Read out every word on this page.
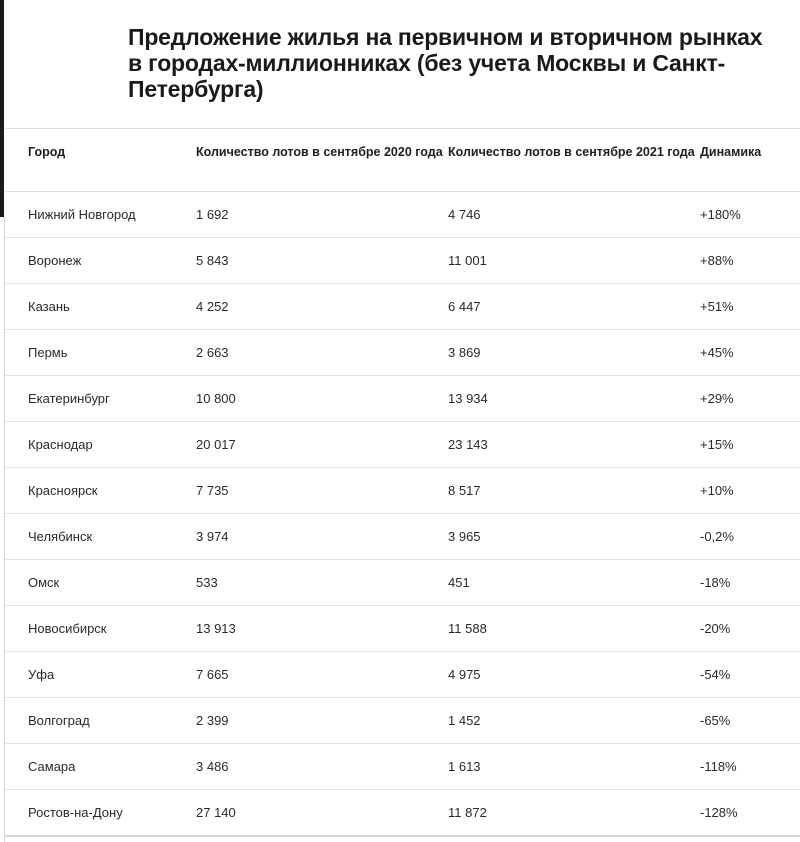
Предложение жилья на первичном и вторичном рынках в городах-миллионниках (без учета Москвы и Санкт-Петербурга)
Город	Количество лотов в сентябре 2020 года	Количество лотов в сентябре 2021 года	Динамика
Нижний Новгород	1 692	4 746	+180%
Воронеж	5 843	11 001	+88%
Казань	4 252	6 447	+51%
Пермь	2 663	3 869	+45%
Екатеринбург	10 800	13 934	+29%
Краснодар	20 017	23 143	+15%
Красноярск	7 735	8 517	+10%
Челябинск	3 974	3 965	-0,2%
Омск	533	451	-18%
Новосибирск	13 913	11 588	-20%
Уфа	7 665	4 975	-54%
Волгоград	2 399	1 452	-65%
Самара	3 486	1 613	-118%
Ростов-на-Дону	27 140	11 872	-128%
